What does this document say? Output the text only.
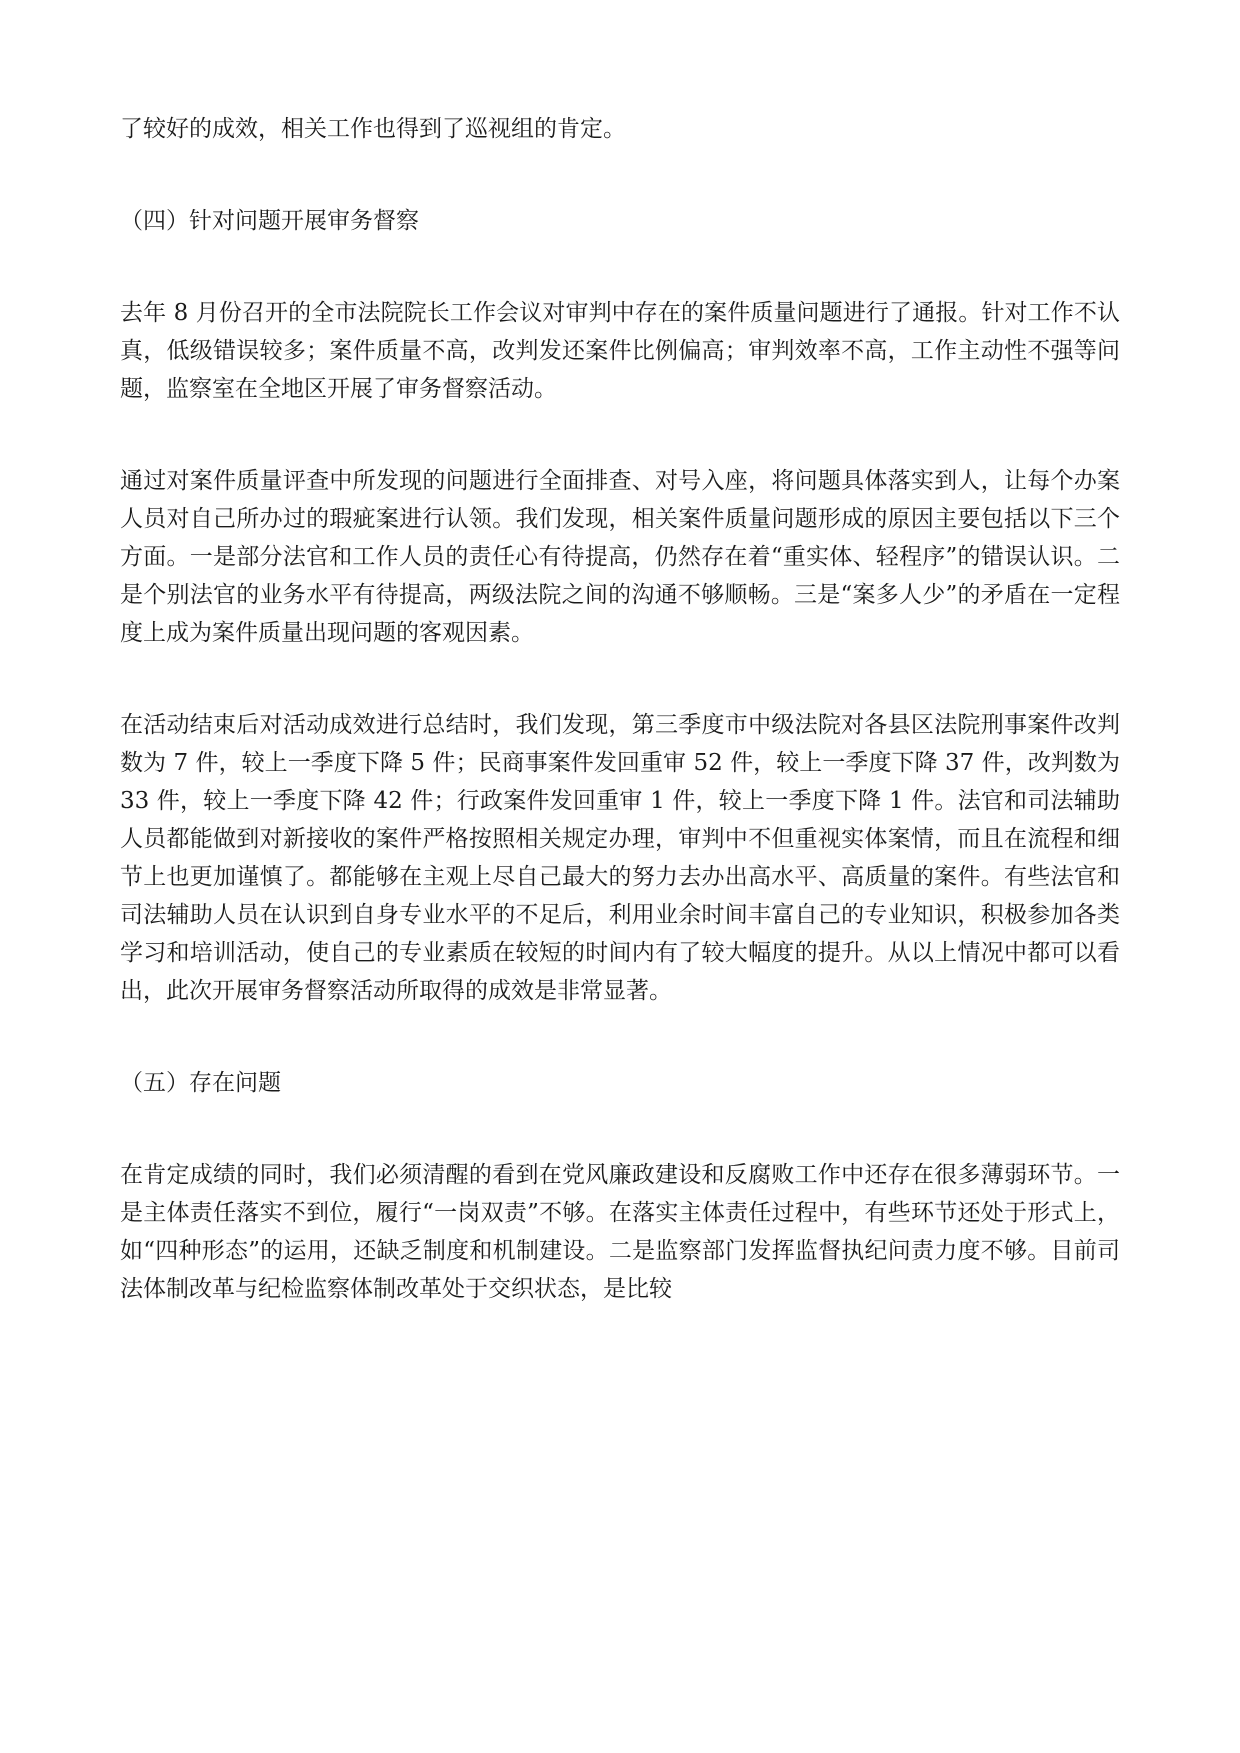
了较好的成效，相关工作也得到了巡视组的肯定。

（四）针对问题开展审务督察

去年 8 月份召开的全市法院院长工作会议对审判中存在的案件质量问题进行了通报。针对工作不认真，低级错误较多；案件质量不高，改判发还案件比例偏高；审判效率不高，工作主动性不强等问题，监察室在全地区开展了审务督察活动。

通过对案件质量评查中所发现的问题进行全面排查、对号入座，将问题具体落实到人，让每个办案人员对自己所办过的瑕疵案进行认领。我们发现，相关案件质量问题形成的原因主要包括以下三个方面。一是部分法官和工作人员的责任心有待提高，仍然存在着“重实体、轻程序”的错误认识。二是个别法官的业务水平有待提高，两级法院之间的沟通不够顺畅。三是“案多人少”的矛盾在一定程度上成为案件质量出现问题的客观因素。

在活动结束后对活动成效进行总结时，我们发现，第三季度市中级法院对各县区法院刑事案件改判数为 7 件，较上一季度下降 5 件；民商事案件发回重审 52 件，较上一季度下降 37 件，改判数为 33 件，较上一季度下降 42 件；行政案件发回重审 1 件，较上一季度下降 1 件。法官和司法辅助人员都能做到对新接收的案件严格按照相关规定办理，审判中不但重视实体案情，而且在流程和细节上也更加谨慎了。都能够在主观上尽自己最大的努力去办出高水平、高质量的案件。有些法官和司法辅助人员在认识到自身专业水平的不足后，利用业余时间丰富自己的专业知识，积极参加各类学习和培训活动，使自己的专业素质在较短的时间内有了较大幅度的提升。从以上情况中都可以看出，此次开展审务督察活动所取得的成效是非常显著。

（五）存在问题

在肯定成绩的同时，我们必须清醒的看到在党风廉政建设和反腐败工作中还存在很多薄弱环节。一是主体责任落实不到位，履行“一岗双责”不够。在落实主体责任过程中，有些环节还处于形式上，如“四种形态”的运用，还缺乏制度和机制建设。二是监察部门发挥监督执纪问责力度不够。目前司法体制改革与纪检监察体制改革处于交织状态，是比较
